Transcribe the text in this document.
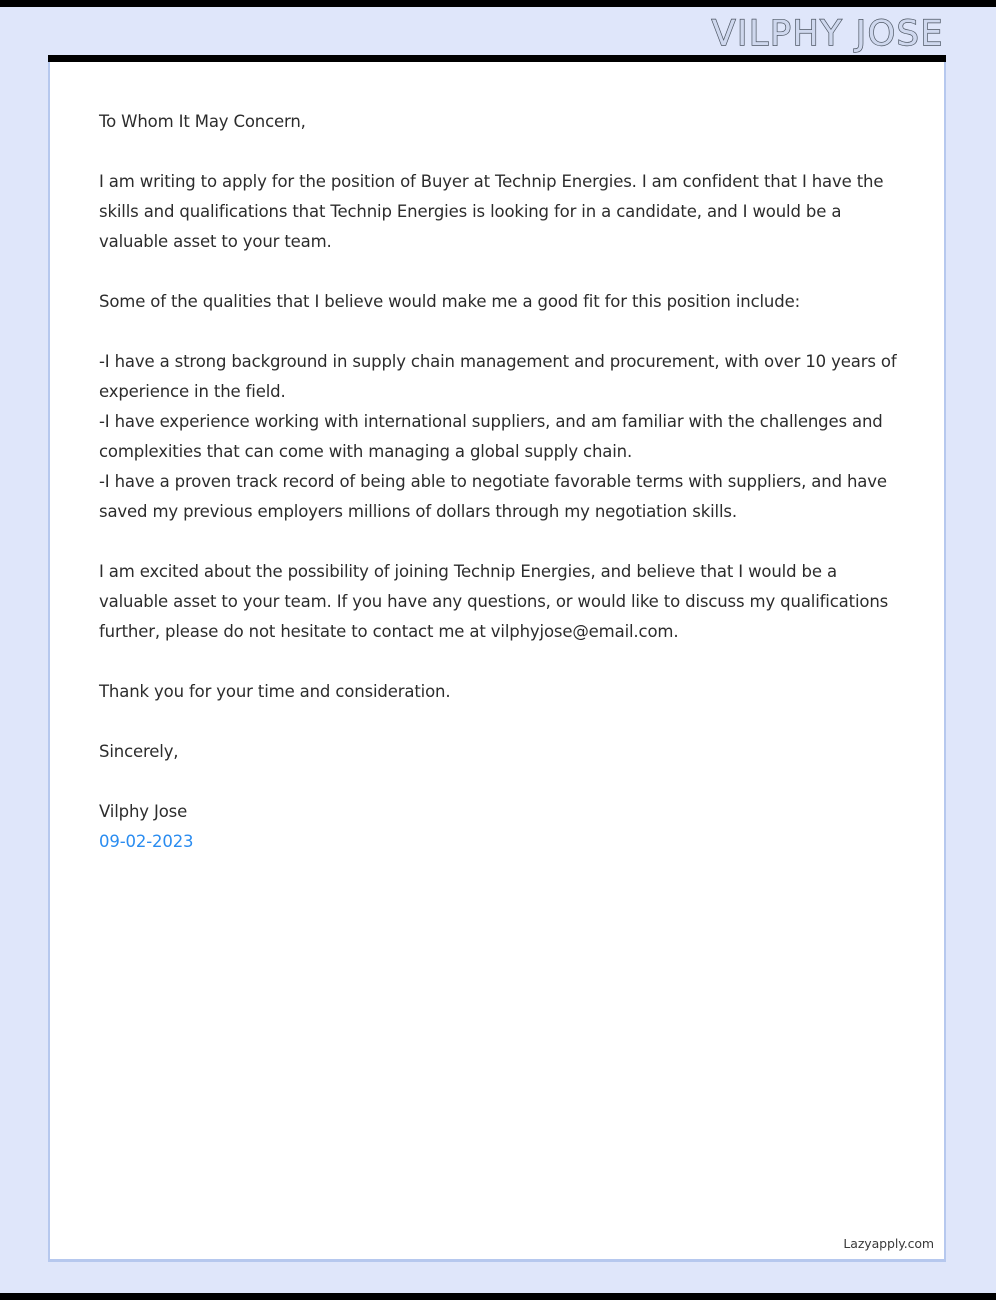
VILPHY JOSE

To Whom It May Concern,

I am writing to apply for the position of Buyer at Technip Energies. I am confident that I have the skills and qualifications that Technip Energies is looking for in a candidate, and I would be a valuable asset to your team.

Some of the qualities that I believe would make me a good fit for this position include:

-I have a strong background in supply chain management and procurement, with over 10 years of experience in the field.

-I have experience working with international suppliers, and am familiar with the challenges and complexities that can come with managing a global supply chain.

-I have a proven track record of being able to negotiate favorable terms with suppliers, and have saved my previous employers millions of dollars through my negotiation skills.

I am excited about the possibility of joining Technip Energies, and believe that I would be a valuable asset to your team. If you have any questions, or would like to discuss my qualifications further, please do not hesitate to contact me at vilphyjose@email.com.

Thank you for your time and consideration.

Sincerely,

Vilphy Jose

09-02-2023

Lazyapply.com
